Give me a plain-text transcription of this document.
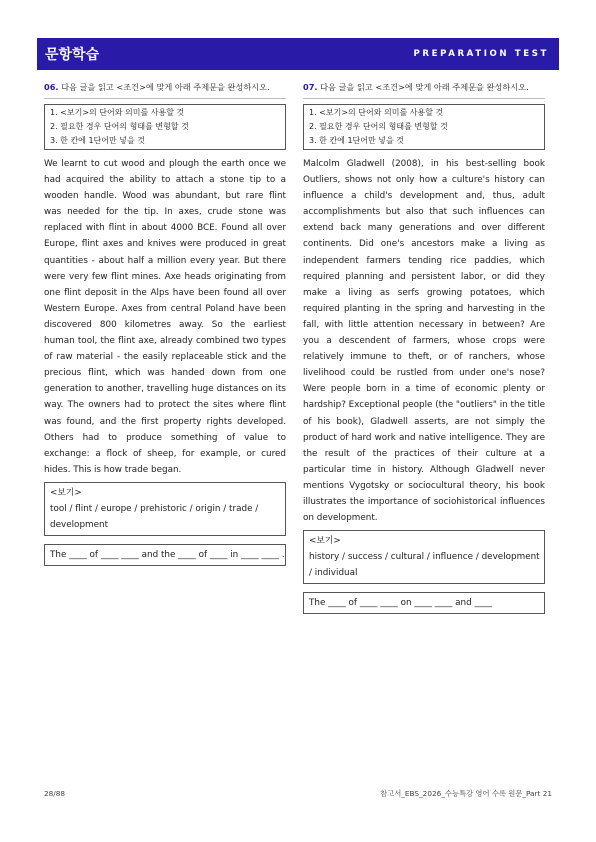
문항학습	PREPARATION TEST
06. 다음 글을 읽고 <조건>에 맞게 아래 주제문을 완성하시오.
1. <보기>의 단어와 의미를 사용할 것
2. 필요한 경우 단어의 형태를 변형할 것
3. 한 칸에 1단어만 넣을 것
We learnt to cut wood and plough the earth once we had acquired the ability to attach a stone tip to a wooden handle. Wood was abundant, but rare flint was needed for the tip. In axes, crude stone was replaced with flint in about 4000 BCE. Found all over Europe, flint axes and knives were produced in great quantities - about half a million every year. But there were very few flint mines. Axe heads originating from one flint deposit in the Alps have been found all over Western Europe. Axes from central Poland have been discovered 800 kilometres away. So the earliest human tool, the flint axe, already combined two types of raw material - the easily replaceable stick and the precious flint, which was handed down from one generation to another, travelling huge distances on its way. The owners had to protect the sites where flint was found, and the first property rights developed. Others had to produce something of value to exchange: a flock of sheep, for example, or cured hides. This is how trade began.
<보기>
tool / flint / europe / prehistoric / origin / trade / development
The ____ of ____ ____ and the ____ of ____ in ____ ____ .
07. 다음 글을 읽고 <조건>에 맞게 아래 주제문을 완성하시오.
1. <보기>의 단어와 의미를 사용할 것
2. 필요한 경우 단어의 형태를 변형할 것
3. 한 칸에 1단어만 넣을 것
Malcolm Gladwell (2008), in his best-selling book Outliers, shows not only how a culture's history can influence a child's development and, thus, adult accomplishments but also that such influences can extend back many generations and over different continents. Did one's ancestors make a living as independent farmers tending rice paddies, which required planning and persistent labor, or did they make a living as serfs growing potatoes, which required planting in the spring and harvesting in the fall, with little attention necessary in between? Are you a descendent of farmers, whose crops were relatively immune to theft, or of ranchers, whose livelihood could be rustled from under one's nose? Were people born in a time of economic plenty or hardship? Exceptional people (the "outliers" in the title of his book), Gladwell asserts, are not simply the product of hard work and native intelligence. They are the result of the practices of their culture at a particular time in history. Although Gladwell never mentions Vygotsky or sociocultural theory, his book illustrates the importance of sociohistorical influences on development.
<보기>
history / success / cultural / influence / development / individual
The ____ of ____ ____ on ____ ____ and ____
28/88	참고서_EBS_2026_수능특강 영어 수록 원문_Part 21
